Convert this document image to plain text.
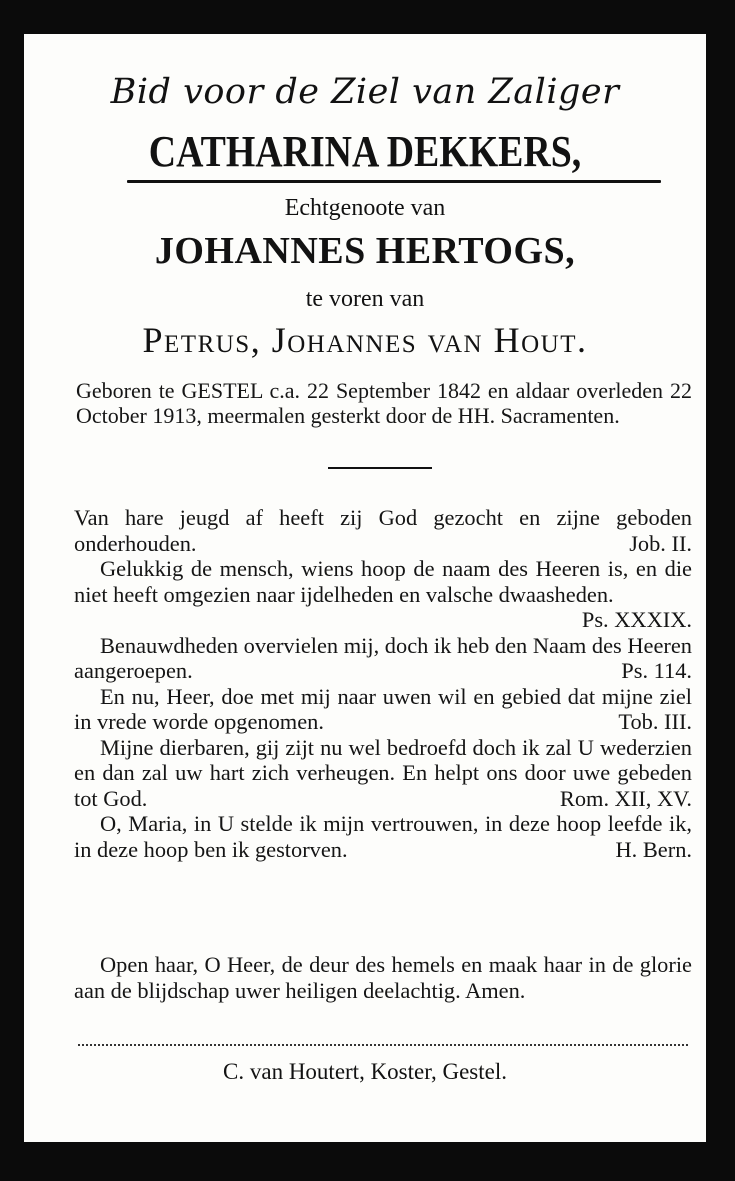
Bid voor de Ziel van Zaliger

CATHARINA DEKKERS,

Echtgenoote van

JOHANNES HERTOGS,

te voren van

Petrus, Johannes van Hout.

Geboren te GESTEL c.a. 22 September 1842 en aldaar overleden 22 October 1913, meermalen gesterkt door de HH. Sacramenten.

Van hare jeugd af heeft zij God gezocht en zijne geboden onderhouden.	Job. II.

Gelukkig de mensch, wiens hoop de naam des Heeren is, en die niet heeft omgezien naar ijdelheden en valsche dwaasheden.
Ps. XXXIX.

Benauwdheden overvielen mij, doch ik heb den Naam des Heeren aangeroepen.	Ps. 114.

En nu, Heer, doe met mij naar uwen wil en gebied dat mijne ziel in vrede worde opgenomen.	Tob. III.

Mijne dierbaren, gij zijt nu wel bedroefd doch ik zal U wederzien en dan zal uw hart zich verheugen. En helpt ons door uwe gebeden tot God.	Rom. XII, XV.

O, Maria, in U stelde ik mijn vertrouwen, in deze hoop leefde ik, in deze hoop ben ik gestorven.	H. Bern.

Open haar, O Heer, de deur des hemels en maak haar in de glorie aan de blijdschap uwer heiligen deelachtig. Amen.

C. van Houtert, Koster, Gestel.
